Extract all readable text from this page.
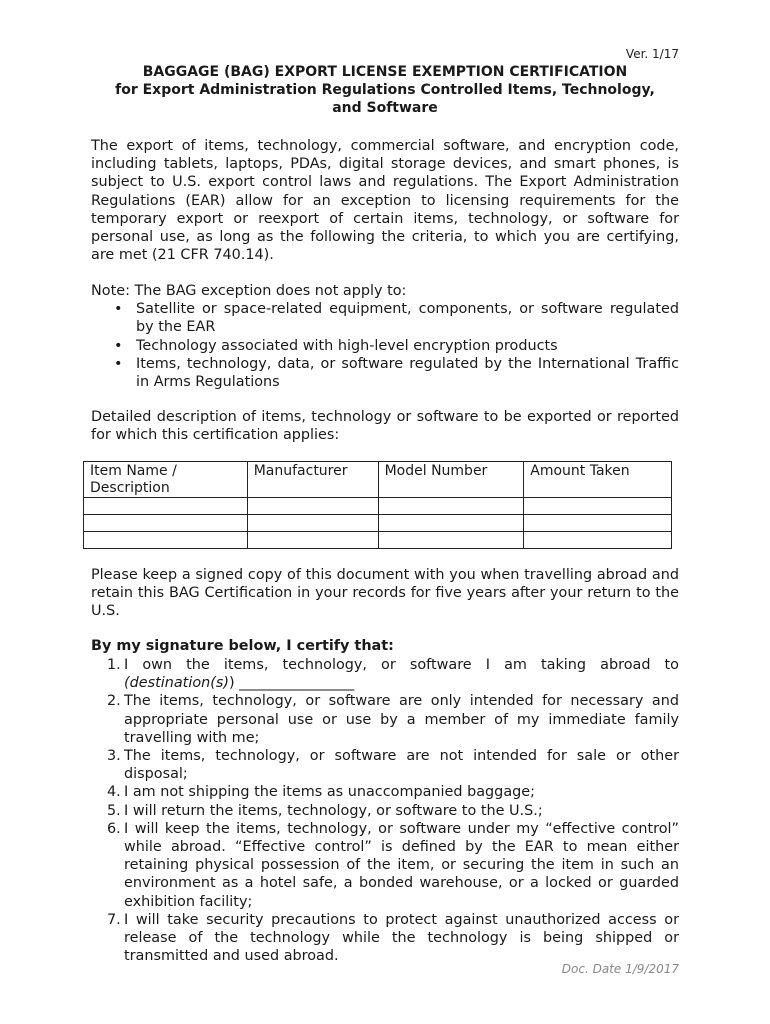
Ver. 1/17
BAGGAGE (BAG) EXPORT LICENSE EXEMPTION CERTIFICATION
for Export Administration Regulations Controlled Items, Technology,
and Software
The export of items, technology, commercial software, and encryption code, including tablets, laptops, PDAs, digital storage devices, and smart phones, is subject to U.S. export control laws and regulations. The Export Administration Regulations (EAR) allow for an exception to licensing requirements for the temporary export or reexport of certain items, technology, or software for personal use, as long as the following the criteria, to which you are certifying, are met (21 CFR 740.14).
Note: The BAG exception does not apply to:
• Satellite or space-related equipment, components, or software regulated by the EAR
• Technology associated with high-level encryption products
• Items, technology, data, or software regulated by the International Traffic in Arms Regulations
Detailed description of items, technology or software to be exported or reported for which this certification applies:
Item Name / Description	Manufacturer	Model Number	Amount Taken

Please keep a signed copy of this document with you when travelling abroad and retain this BAG Certification in your records for five years after your return to the U.S.
By my signature below, I certify that:
1. I own the items, technology, or software I am taking abroad to (destination(s)) ________________
2. The items, technology, or software are only intended for necessary and appropriate personal use or use by a member of my immediate family travelling with me;
3. The items, technology, or software are not intended for sale or other disposal;
4. I am not shipping the items as unaccompanied baggage;
5. I will return the items, technology, or software to the U.S.;
6. I will keep the items, technology, or software under my “effective control” while abroad. “Effective control” is defined by the EAR to mean either retaining physical possession of the item, or securing the item in such an environment as a hotel safe, a bonded warehouse, or a locked or guarded exhibition facility;
7. I will take security precautions to protect against unauthorized access or release of the technology while the technology is being shipped or transmitted and used abroad.
Doc. Date 1/9/2017
